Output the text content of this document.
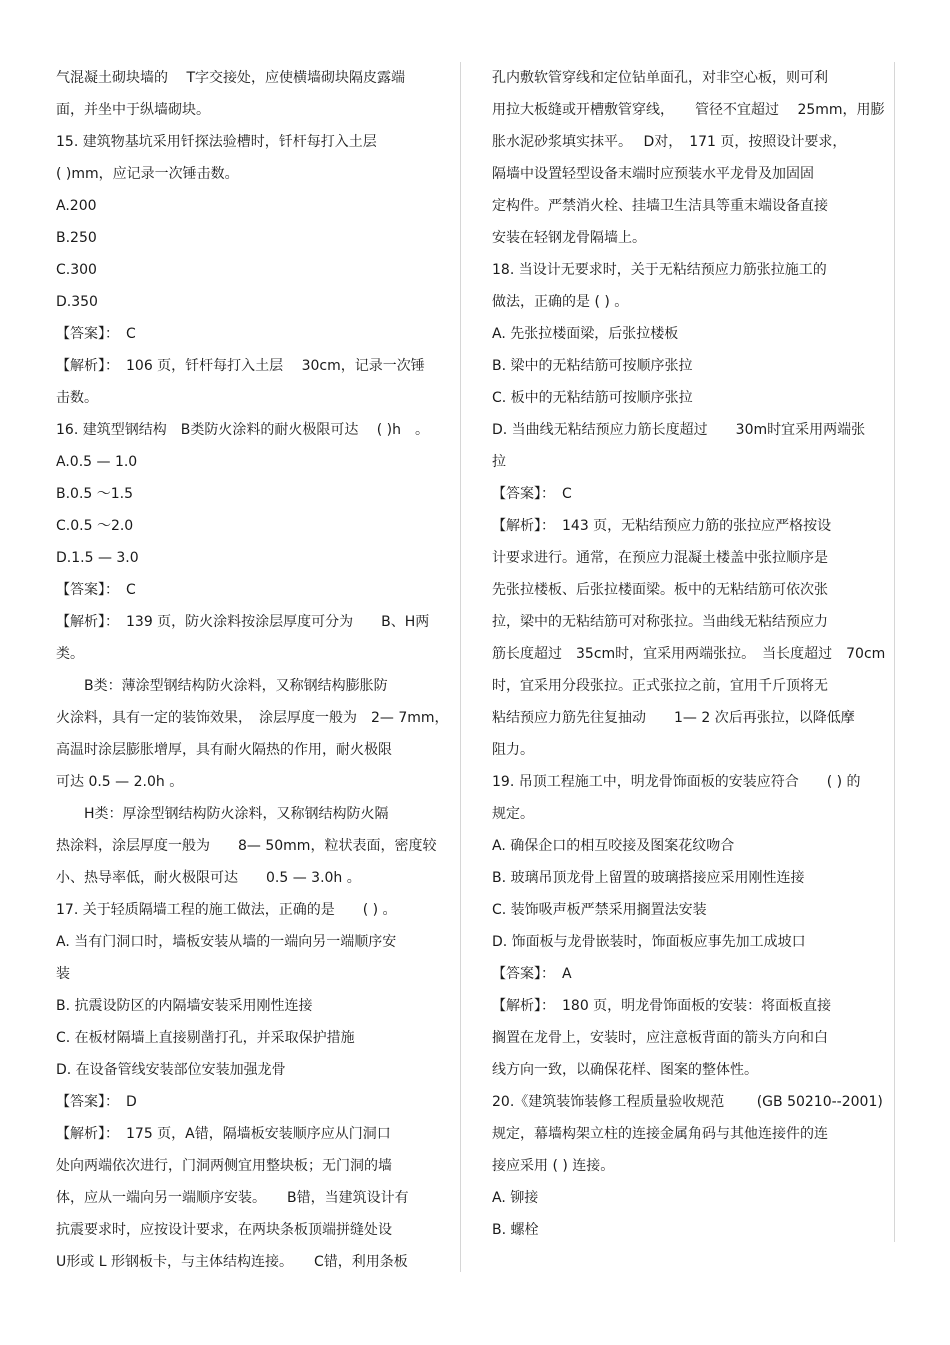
气混凝土砌块墙的　 T字交接处，应使横墙砌块隔皮露端
面，并坐中于纵墙砌块。
15. 建筑物基坑采用钎探法验槽时，钎杆每打入土层
( )mm，应记录一次锤击数。
A.200
B.250
C.300
D.350
【答案】：　C
【解析】：　106 页，钎杆每打入土层　 30cm，记录一次锤
击数。
16. 建筑型钢结构　B类防火涂料的耐火极限可达　 ( )h　。
A.0.5 — 1.0
B.0.5 ～1.5
C.0.5 ～2.0
D.1.5 — 3.0
【答案】：　C
【解析】：　139 页，防火涂料按涂层厚度可分为　　B、H两
类。
　　B类：薄涂型钢结构防火涂料，又称钢结构膨胀防
火涂料，具有一定的装饰效果，　涂层厚度一般为　2— 7mm，
高温时涂层膨胀增厚，具有耐火隔热的作用，耐火极限
可达 0.5 — 2.0h 。
　　H类：厚涂型钢结构防火涂料，又称钢结构防火隔
热涂料，涂层厚度一般为　　8— 50mm，粒状表面，密度较
小、热导率低，耐火极限可达　　0.5 — 3.0h 。
17. 关于轻质隔墙工程的施工做法，正确的是　　( ) 。
A. 当有门洞口时，墙板安装从墙的一端向另一端顺序安
装
B. 抗震设防区的内隔墙安装采用刚性连接
C. 在板材隔墙上直接剔凿打孔，并采取保护措施
D. 在设备管线安装部位安装加强龙骨
【答案】：　D
【解析】：　175 页，A错，隔墙板安装顺序应从门洞口
处向两端依次进行，门洞两侧宜用整块板；无门洞的墙
体，应从一端向另一端顺序安装。　　B错，当建筑设计有
抗震要求时，应按设计要求，在两块条板顶端拼缝处设
U形或 L 形钢板卡，与主体结构连接。　　C错，利用条板
孔内敷软管穿线和定位钻单面孔，对非空心板，则可利
用拉大板缝或开槽敷管穿线，　　管径不宜超过　 25mm，用膨
胀水泥砂浆填实抹平。　 D对，　171 页，按照设计要求，
隔墙中设置轻型设备末端时应预装水平龙骨及加固固
定构件。严禁消火栓、挂墙卫生洁具等重末端设备直接
安装在轻钢龙骨隔墙上。
18. 当设计无要求时，关于无粘结预应力筋张拉施工的
做法，正确的是 ( ) 。
A. 先张拉楼面梁，后张拉楼板
B. 梁中的无粘结筋可按顺序张拉
C. 板中的无粘结筋可按顺序张拉
D. 当曲线无粘结预应力筋长度超过　　30m时宜采用两端张
拉
【答案】：　C
【解析】：　143 页，无粘结预应力筋的张拉应严格按设
计要求进行。通常，在预应力混凝土楼盖中张拉顺序是
先张拉楼板、后张拉楼面梁。板中的无粘结筋可依次张
拉，梁中的无粘结筋可对称张拉。当曲线无粘结预应力
筋长度超过　35cm时，宜采用两端张拉。　当长度超过　70cm
时，宜采用分段张拉。正式张拉之前，宜用千斤顶将无
粘结预应力筋先往复抽动　　1— 2 次后再张拉，以降低摩
阻力。
19. 吊顶工程施工中，明龙骨饰面板的安装应符合　　( ) 的
规定。
A. 确保企口的相互咬接及图案花纹吻合
B. 玻璃吊顶龙骨上留置的玻璃搭接应采用刚性连接
C. 装饰吸声板严禁采用搁置法安装
D. 饰面板与龙骨嵌装时，饰面板应事先加工成坡口
【答案】：　A
【解析】：　180 页，明龙骨饰面板的安装：将面板直接
搁置在龙骨上，安装时，应注意板背面的箭头方向和白
线方向一致，以确保花样、图案的整体性。
20.《建筑装饰装修工程质量验收规范　　 (GB 50210--2001)
规定，幕墙构架立柱的连接金属角码与其他连接件的连
接应采用 ( ) 连接。
A. 铆接
B. 螺栓
